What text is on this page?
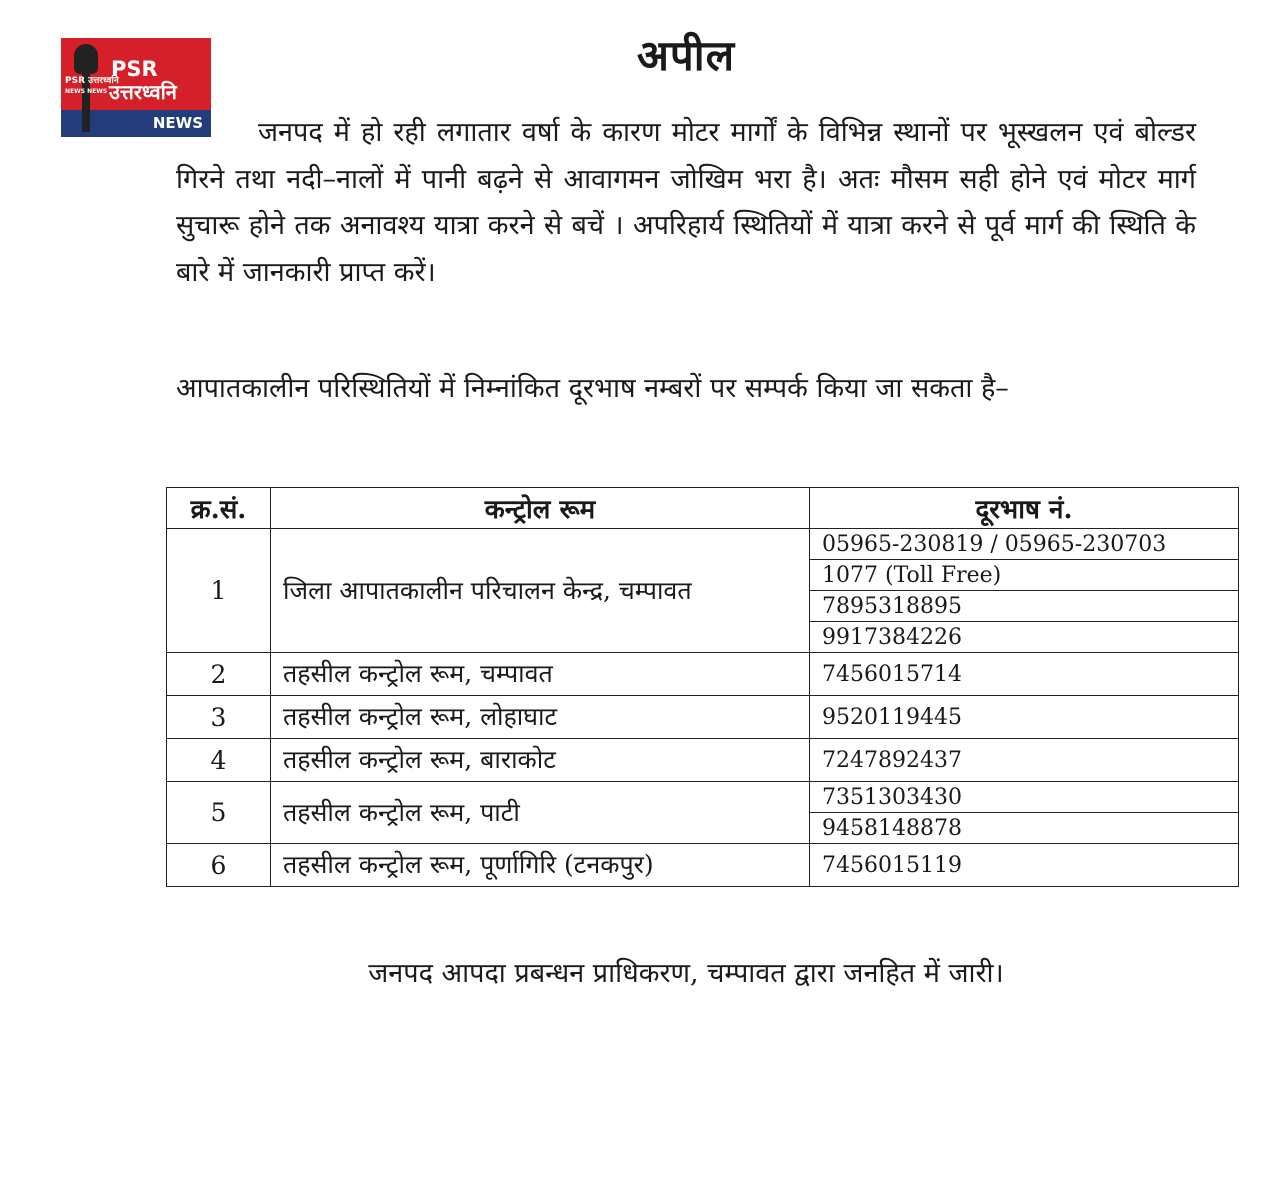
PSR उत्तरध्वनि
NEWS NEWS
PSR
उत्तरध्वनि
NEWS
अपील
जनपद में हो रही लगातार वर्षा के कारण मोटर मार्गों के विभिन्न स्थानों पर भूस्खलन एवं बोल्डर गिरने तथा नदी–नालों में पानी बढ़ने से आवागमन जोखिम भरा है। अतः मौसम सही होने एवं मोटर मार्ग सुचारू होने तक अनावश्य यात्रा करने से बचें । अपरिहार्य स्थितियों में यात्रा करने से पूर्व मार्ग की स्थिति के बारे में जानकारी प्राप्त करें।
आपातकालीन परिस्थितियों में निम्नांकित दूरभाष नम्बरों पर सम्पर्क किया जा सकता है–
क्र.सं.	कन्ट्रोल रूम	दूरभाष नं.
1	जिला आपातकालीन परिचालन केन्द्र, चम्पावत	05965-230819 / 05965-230703
		1077 (Toll Free)
		7895318895
		9917384226
2	तहसील कन्ट्रोल रूम, चम्पावत	7456015714
3	तहसील कन्ट्रोल रूम, लोहाघाट	9520119445
4	तहसील कन्ट्रोल रूम, बाराकोट	7247892437
5	तहसील कन्ट्रोल रूम, पाटी	7351303430
		9458148878
6	तहसील कन्ट्रोल रूम, पूर्णागिरि (टनकपुर)	7456015119
जनपद आपदा प्रबन्धन प्राधिकरण, चम्पावत द्वारा जनहित में जारी।
